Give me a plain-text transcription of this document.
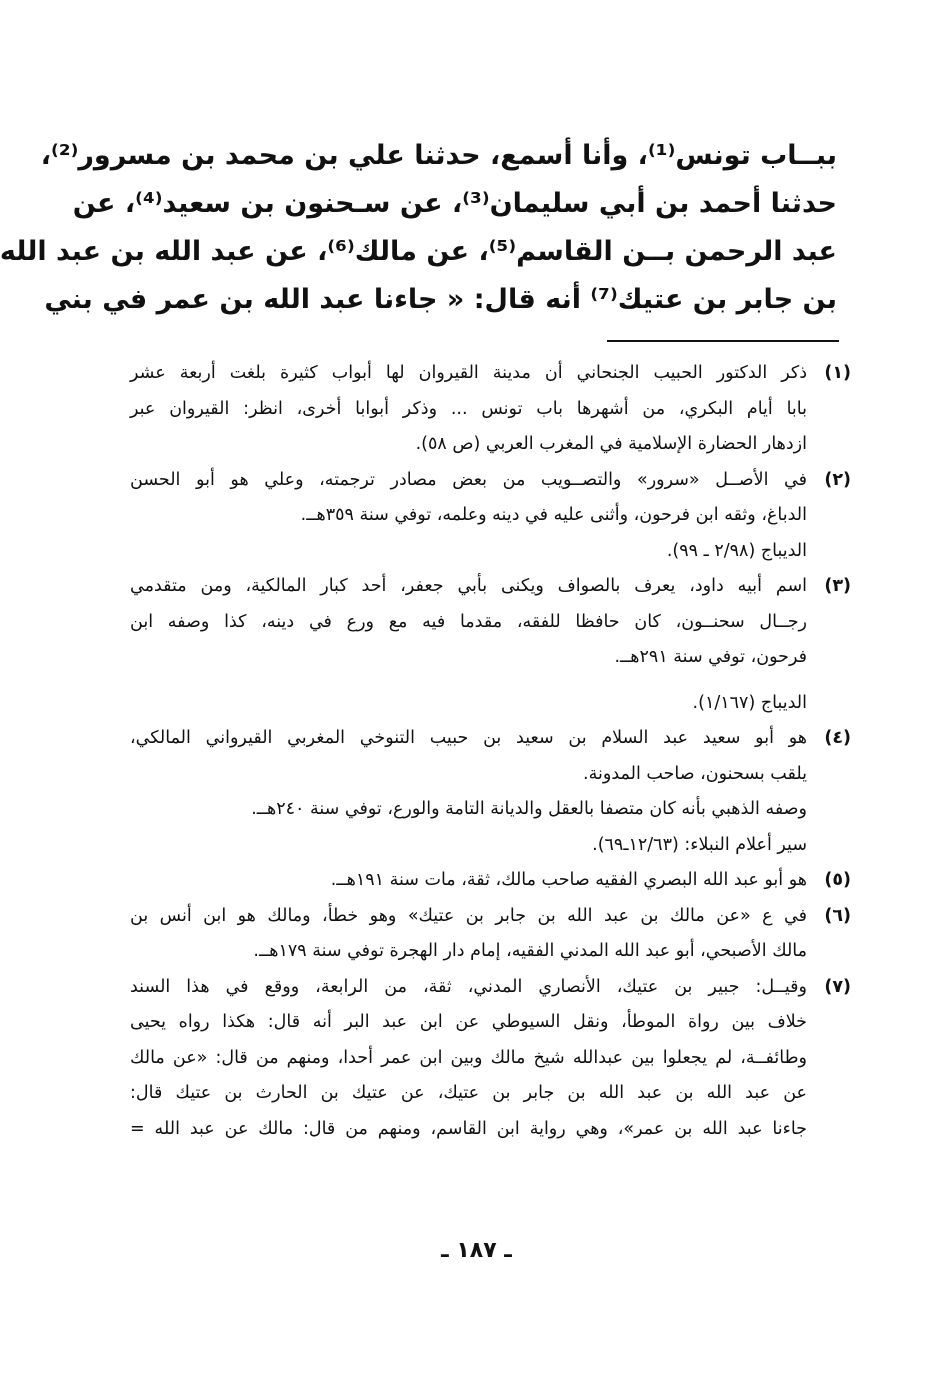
ببــاب تونس⁽¹⁾، وأنا أسمع، حدثنا علي بن محمد بن مسرور⁽²⁾،
حدثنا أحمد بن أبي سليمان⁽³⁾، عن سـحنون بن سعيد⁽⁴⁾، عن
عبد الرحمن بــن القاسم⁽⁵⁾، عن مالك⁽⁶⁾، عن عبد الله بن عبد الله
بن جابر بن عتيك⁽⁷⁾ أنه قال: « جاءنا عبد الله بن عمر في بني
(١)
ذكر الدكتور الحبيب الجنحاني أن مدينة القيروان لها أبواب كثيرة بلغت أربعة عشر
بابا أيام البكري، من أشهرها باب تونس ... وذكر أبوابا أخرى، انظر: القيروان عبر
ازدهار الحضارة الإسلامية في المغرب العربي (ص ٥٨).
(٢)
في الأصــل «سرور» والتصــويب من بعض مصادر ترجمته، وعلي هو أبو الحسن
الدباغ، وثقه ابن فرحون، وأثنى عليه في دينه وعلمه، توفي سنة ٣٥٩هــ.
الديباج (٢/٩٨ ـ ٩٩).
(٣)
اسم أبيه داود، يعرف بالصواف ويكنى بأبي جعفر، أحد كبار المالكية، ومن متقدمي
رجــال سحنــون، كان حافظا للفقه، مقدما فيه مع ورع في دينه، كذا وصفه ابن
فرحون، توفي سنة ٢٩١هــ.
الديباج (١/١٦٧).
(٤)
هو أبو سعيد عبد السلام بن سعيد بن حبيب التنوخي المغربي القيرواني المالكي،
يلقب بسحنون، صاحب المدونة.
وصفه الذهبي بأنه كان متصفا بالعقل والديانة التامة والورع، توفي سنة ٢٤٠هــ.
سير أعلام النبلاء: (١٢/٦٣ـ٦٩).
(٥)
هو أبو عبد الله البصري الفقيه صاحب مالك، ثقة، مات سنة ١٩١هــ.
(٦)
في ع «عن مالك بن عبد الله بن جابر بن عتيك» وهو خطأ، ومالك هو ابن أنس بن
مالك الأصبحي، أبو عبد الله المدني الفقيه، إمام دار الهجرة توفي سنة ١٧٩هــ.
(٧)
وقيــل: جبير بن عتيك، الأنصاري المدني، ثقة، من الرابعة، ووقع في هذا السند
خلاف بين رواة الموطأ، ونقل السيوطي عن ابن عبد البر أنه قال: هكذا رواه يحيى
وطائفــة، لم يجعلوا بين عبدالله شيخ مالك وبين ابن عمر أحدا، ومنهم من قال: «عن مالك
عن عبد الله بن عبد الله بن جابر بن عتيك، عن عتيك بن الحارث بن عتيك قال:
جاءنا عبد الله بن عمر»، وهي رواية ابن القاسم، ومنهم من قال: مالك عن عبد الله =
ـ ١٨٧ ـ
